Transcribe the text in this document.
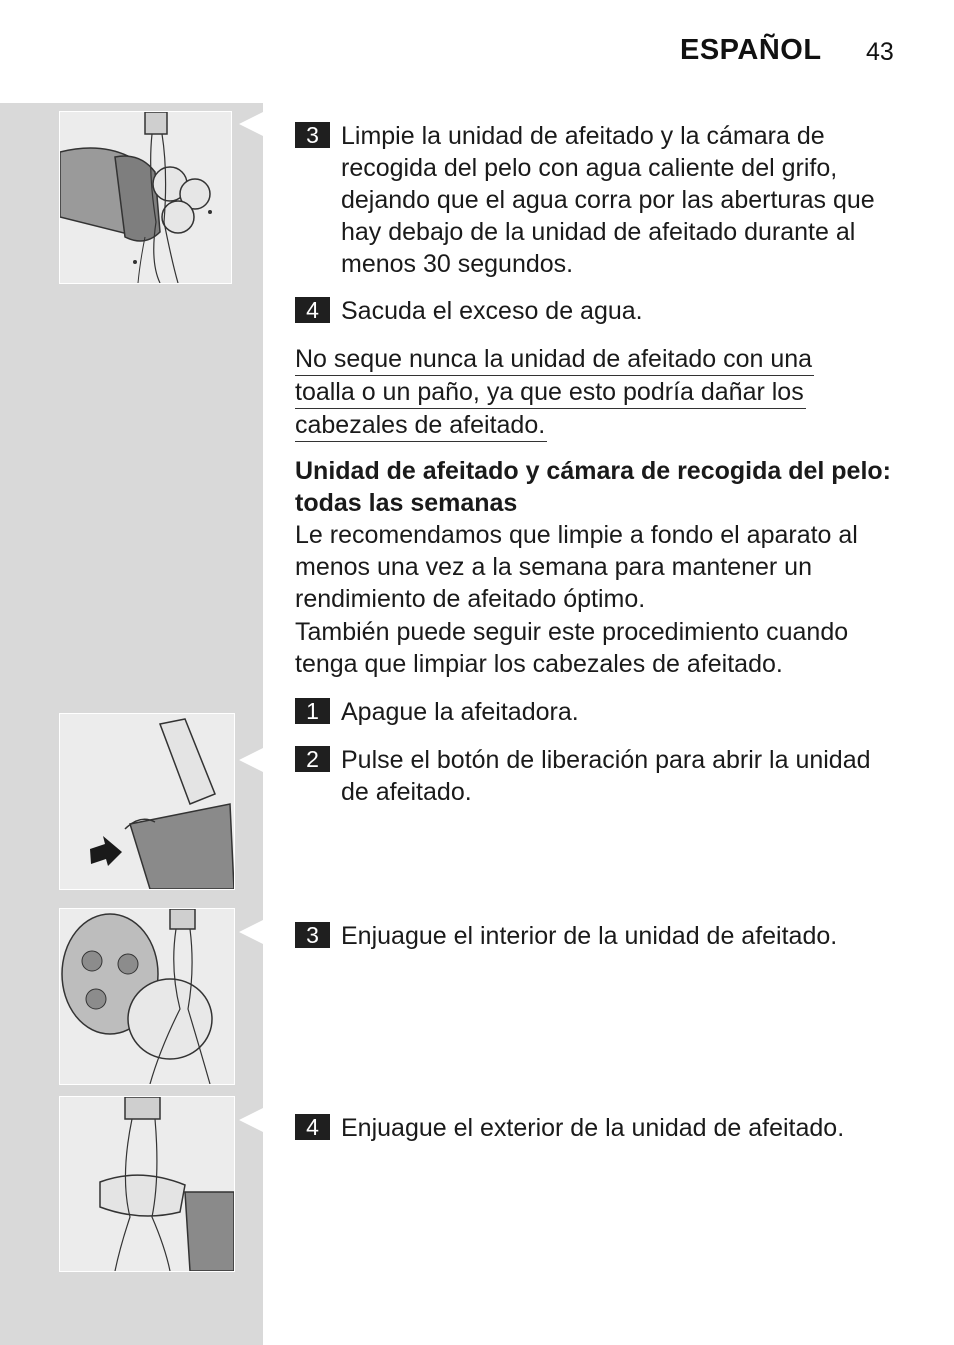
ESPAÑOL 43
3 Limpie la unidad de afeitado y la cámara de recogida del pelo con agua caliente del grifo, dejando que el agua corra por las aberturas que hay debajo de la unidad de afeitado durante al menos 30 segundos.
4 Sacuda el exceso de agua.
No seque nunca la unidad de afeitado con una
toalla o un paño, ya que esto podría dañar los
cabezales de afeitado.
Unidad de afeitado y cámara de recogida del pelo: todas las semanas
Le recomendamos que limpie a fondo el aparato al menos una vez a la semana para mantener un rendimiento de afeitado óptimo.
También puede seguir este procedimiento cuando tenga que limpiar los cabezales de afeitado.
1 Apague la afeitadora.
2 Pulse el botón de liberación para abrir la unidad de afeitado.
3 Enjuague el interior de la unidad de afeitado.
4 Enjuague el exterior de la unidad de afeitado.
